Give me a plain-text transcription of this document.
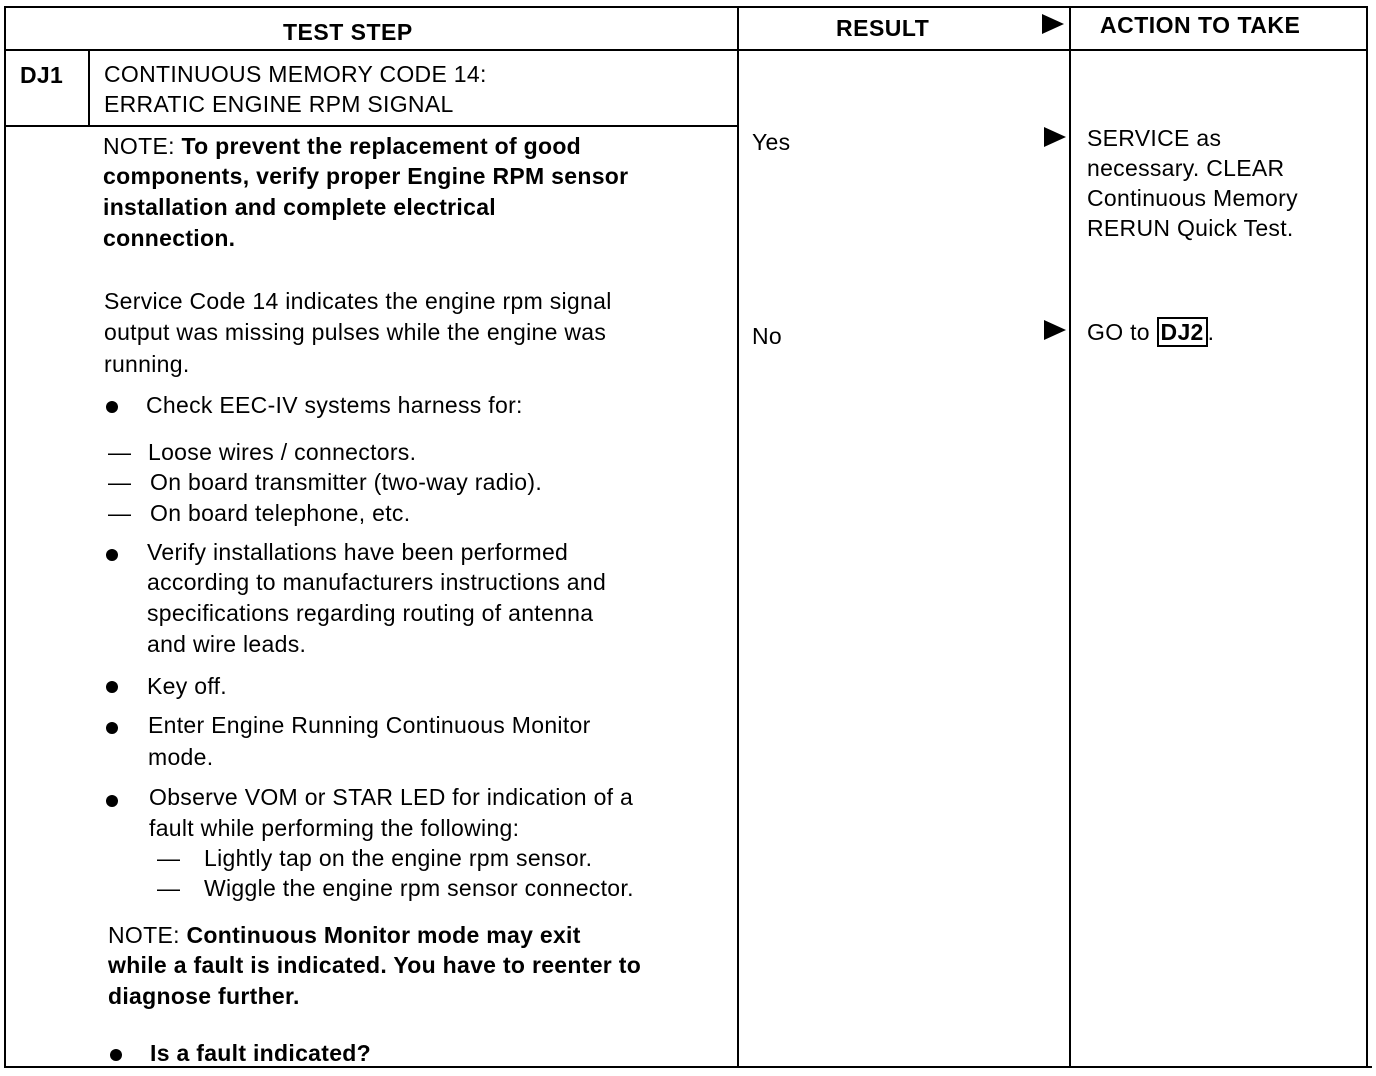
TEST STEP	RESULT	ACTION TO TAKE
DJ1 CONTINUOUS MEMORY CODE 14:
ERRATIC ENGINE RPM SIGNAL
NOTE: To prevent the replacement of good
components, verify proper Engine RPM sensor
installation and complete electrical
connection.
Service Code 14 indicates the engine rpm signal
output was missing pulses while the engine was
running.
Check EEC-IV systems harness for:
— Loose wires / connectors.
— On board transmitter (two-way radio).
— On board telephone, etc.
Verify installations have been performed
according to manufacturers instructions and
specifications regarding routing of antenna
and wire leads.
Key off.
Enter Engine Running Continuous Monitor
mode.
Observe VOM or STAR LED for indication of a
fault while performing the following:
— Lightly tap on the engine rpm sensor.
— Wiggle the engine rpm sensor connector.
NOTE: Continuous Monitor mode may exit
while a fault is indicated. You have to reenter to
diagnose further.
Is a fault indicated?
Yes
No
SERVICE as
necessary. CLEAR
Continuous Memory
RERUN Quick Test.
GO to DJ2 .
